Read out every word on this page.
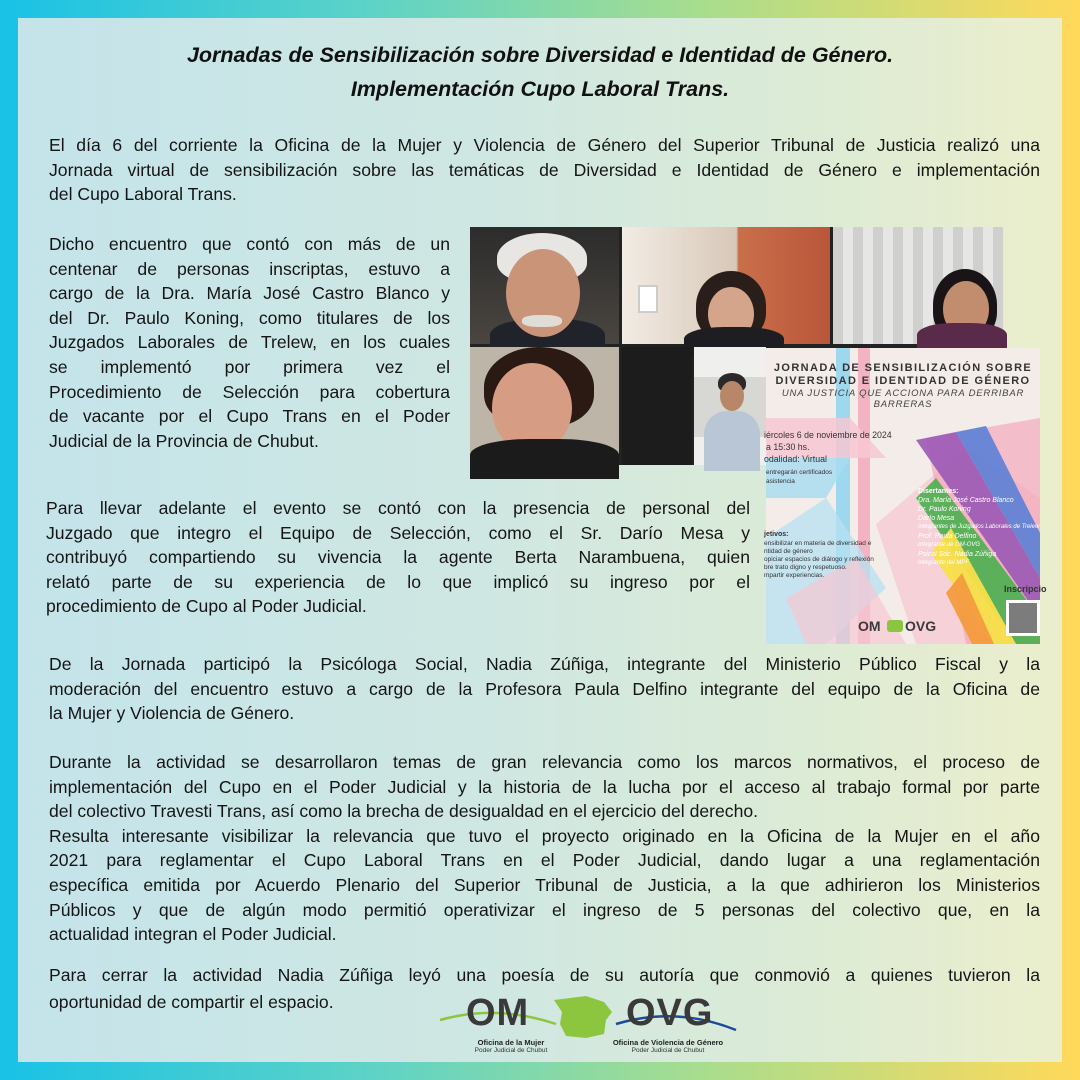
Jornadas de Sensibilización sobre Diversidad e Identidad de Género.
Implementación Cupo Laboral Trans.
El día 6 del corriente la Oficina de la Mujer y Violencia de Género del Superior Tribunal de Justicia realizó una
Jornada virtual de sensibilización sobre las temáticas de Diversidad e Identidad de Género e implementación
del Cupo Laboral Trans.
Dicho encuentro que contó con más de un
centenar de personas inscriptas, estuvo a
cargo de la Dra. María José Castro Blanco y
del Dr. Paulo Koning, como titulares de los
Juzgados Laborales de Trelew, en los cuales
se implementó por primera vez el
Procedimiento de Selección para cobertura
de vacante por el Cupo Trans en el Poder
Judicial de la Provincia de Chubut.
JORNADA DE SENSIBILIZACIÓN SOBRE
DIVERSIDAD E IDENTIDAD DE GÉNERO
UNA JUSTICIA QUE ACCIONA PARA DERRIBAR BARRERAS
iércoles 6 de noviembre de 2024
a 15:30 hs.
odalidad: Virtual
entregarán certificados
asistencia
Disertantes:
Dra. María José Castro Blanco
Dr. Paulo Koning
Darío Mesa
Integrantes de Juzgados Laborales de Trelew
Prof. Paula Delfino
Integrante de OM-OVG
Psicol Soc. Nadia Zúñiga
Integrante del MPF
jetivos:
ensibilizar en materia de diversidad e
ntidad de género
opiciar espacios de diálogo y reflexión
bre trato digno y respetuoso.
mpartir experiencias.
Inscripcio
OM OVG
Para llevar adelante el evento se contó con la presencia de personal del
Juzgado que integro el Equipo de Selección, como el Sr. Darío Mesa y
contribuyó compartiendo su vivencia la agente Berta Narambuena, quien
relató parte de su experiencia de lo que implicó su ingreso por el
procedimiento de Cupo al Poder Judicial.
De la Jornada participó la Psicóloga Social, Nadia Zúñiga, integrante del Ministerio Público Fiscal y la
moderación del encuentro estuvo a cargo de la Profesora Paula Delfino integrante del equipo de la Oficina de
la Mujer y Violencia de Género.
Durante la actividad se desarrollaron temas de gran relevancia como los marcos normativos, el proceso de
implementación del Cupo en el Poder Judicial y la historia de la lucha por el acceso al trabajo formal por parte
del colectivo Travesti Trans, así como la brecha de desigualdad en el ejercicio del derecho.
Resulta interesante visibilizar la relevancia que tuvo el proyecto originado en la Oficina de la Mujer en el año
2021 para reglamentar el Cupo Laboral Trans en el Poder Judicial, dando lugar a una reglamentación
específica emitida por Acuerdo Plenario del Superior Tribunal de Justicia, a la que adhirieron los Ministerios
Públicos y que de algún modo permitió operativizar el ingreso de 5 personas del colectivo que, en la
actualidad integran el Poder Judicial.
Para cerrar la actividad Nadia Zúñiga leyó una poesía de su autoría que conmovió a quienes tuvieron la
oportunidad de compartir el espacio.	OM	OVG
Oficina de la Mujer
Poder Judicial de Chubut
Oficina de Violencia de Género
Poder Judicial de Chubut
